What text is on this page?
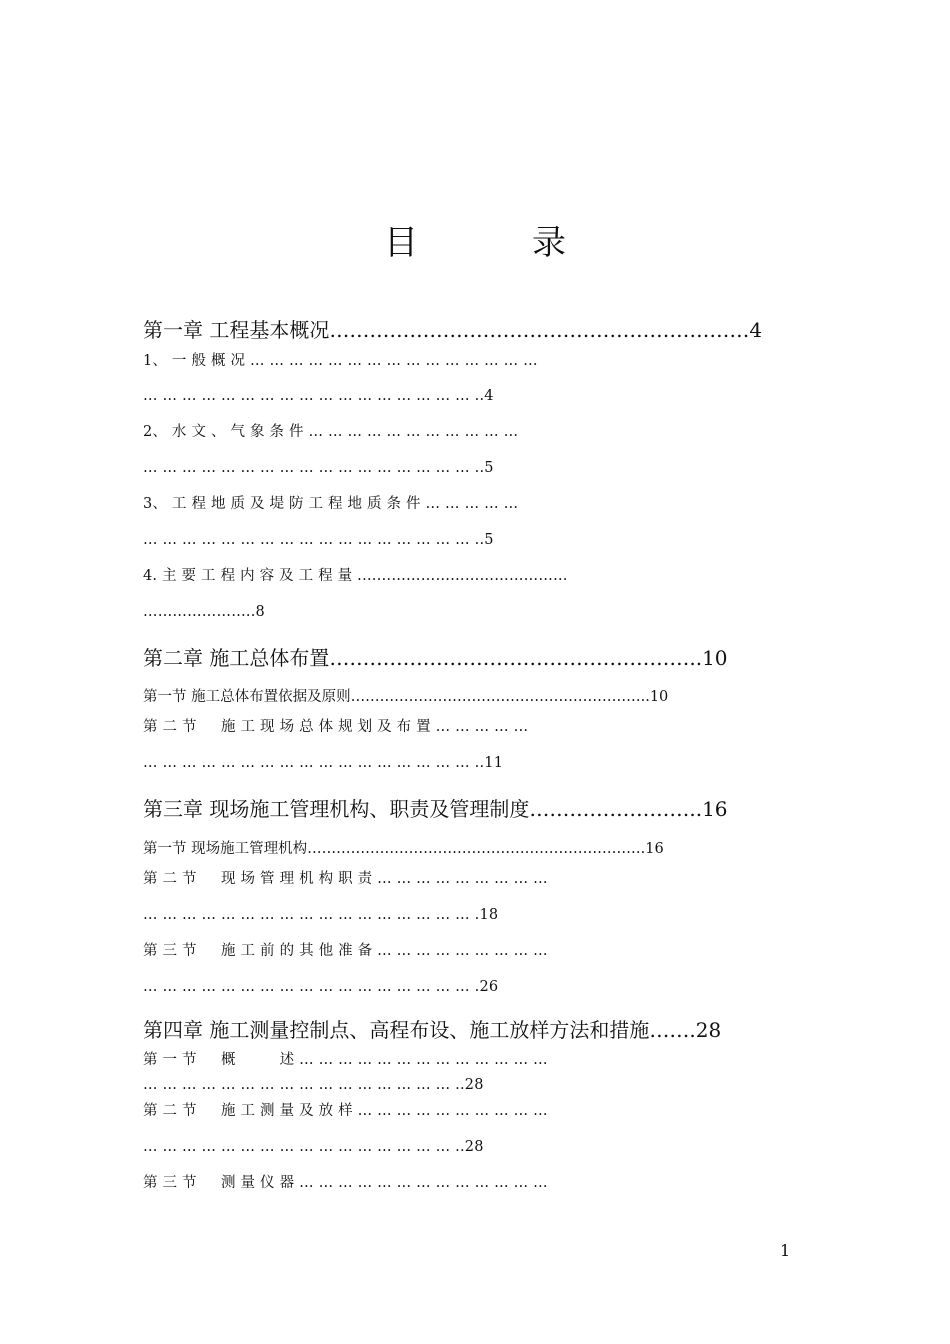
目　录
第一章 工程基本概况………………………………………………………4
1、 一 般 概 况 … … … … … … … … … … … … … … …
… … … … … … … … … … … … … … … … … ..4
2、 水 文 、 气 象 条 件 … … … … … … … … … … …
… … … … … … … … … … … … … … … … … ..5
3、 工 程 地 质 及 堤 防 工 程 地 质 条 件 … … … … …
… … … … … … … … … … … … … … … … … ..5
4. 主 要 工 程 内 容 及 工 程 量 .……………………………………
…………………..8
第二章 施工总体布置………………………………………………..10
第一节 施工总体布置依据及原则……………………………………………………..10
第 二 节 　 施 工 现 场 总 体 规 划 及 布 置 … … … … …
… … … … … … … … … … … … … … … … … ..11
第三章 现场施工管理机构、职责及管理制度……………………..16
第一节 现场施工管理机构…………………………………………………………….16
第 二 节 　 现 场 管 理 机 构 职 责 … … … … … … … … …
… … … … … … … … … … … … … … … … … .18
第 三 节 　 施 工 前 的 其 他 准 备 … … … … … … … … …
… … … … … … … … … … … … … … … … … .26
第四章 施工测量控制点、高程布设、施工放样方法和措施…….28
第 一 节 　 概 　 　 述 … … … … … … … … … … … … …
… … … … … … … … … … … … … … … … ..28
第 二 节 　 施 工 测 量 及 放 样 … … … … … … … … … …
… … … … … … … … … … … … … … … … ..28
第 三 节 　 测 量 仪 器 … … … … … … … … … … … … …
1
